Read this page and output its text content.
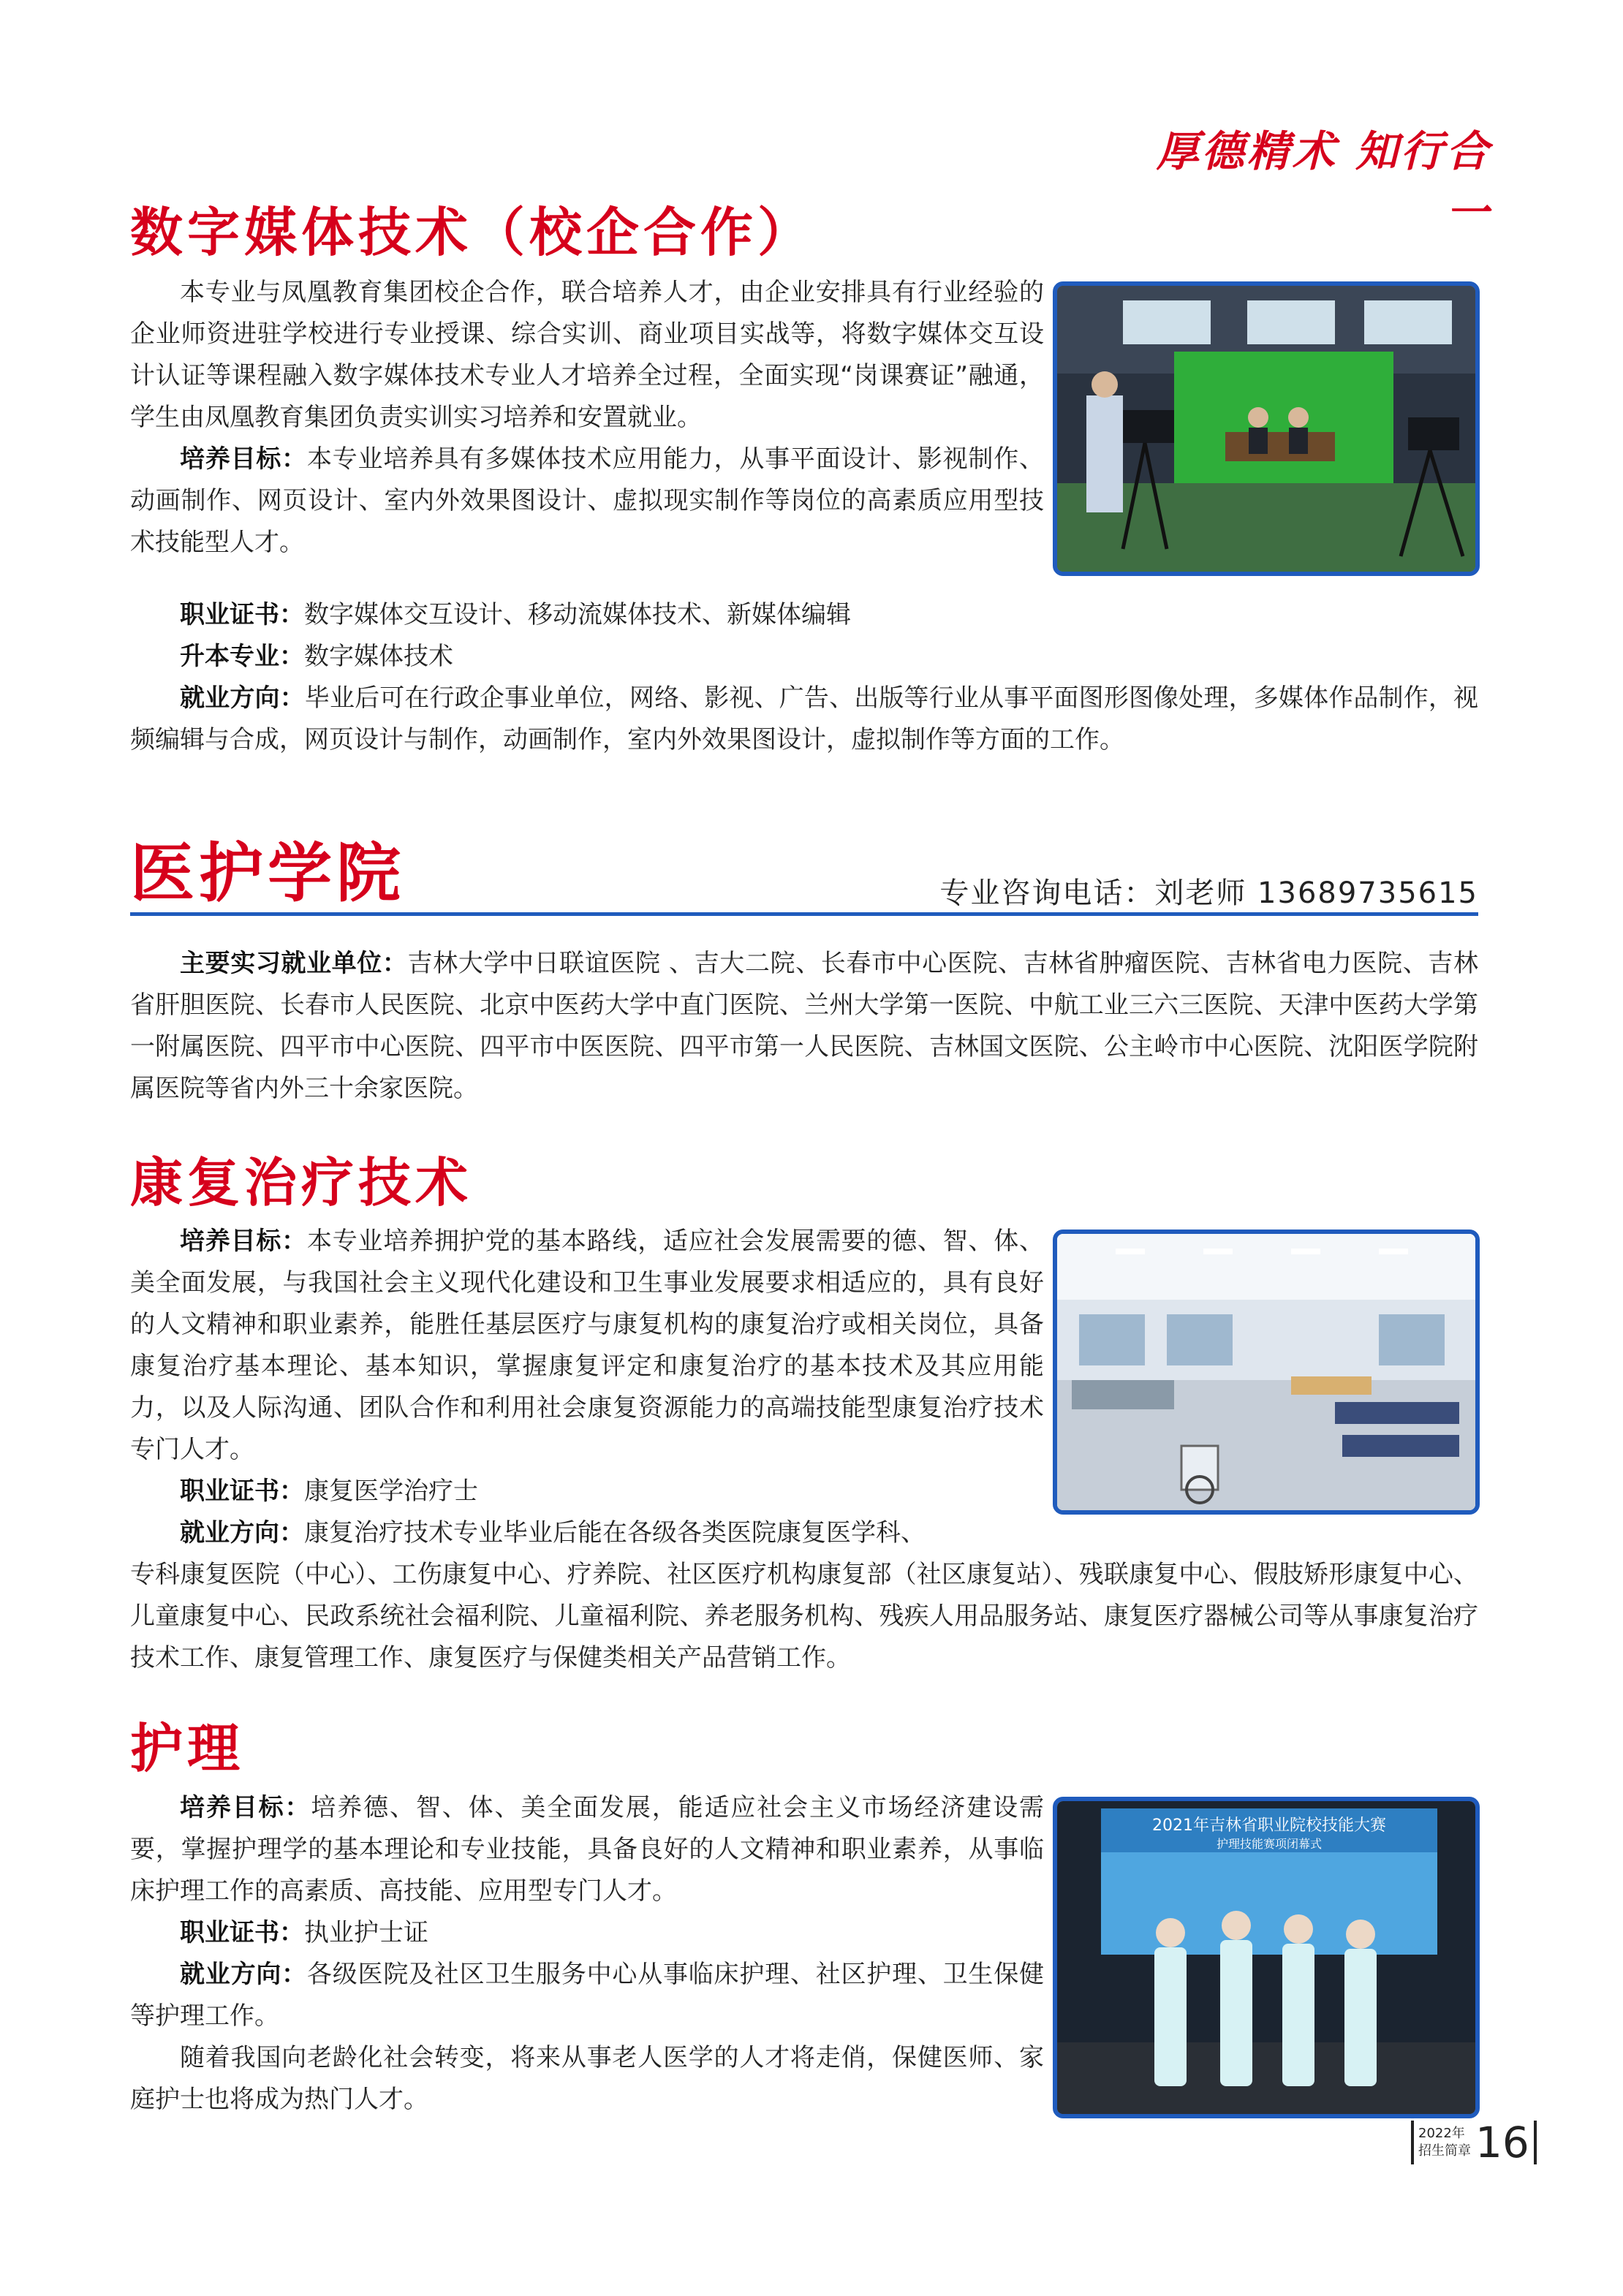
厚德精术 知行合一
数字媒体技术（校企合作）

本专业与凤凰教育集团校企合作，联合培养人才，由企业安排具有行业经验的企业师资进驻学校进行专业授课、综合实训、商业项目实战等，将数字媒体交互设计认证等课程融入数字媒体技术专业人才培养全过程，全面实现“岗课赛证”融通，学生由凤凰教育集团负责实训实习培养和安置就业。

培养目标：本专业培养具有多媒体技术应用能力，从事平面设计、影视制作、动画制作、网页设计、室内外效果图设计、虚拟现实制作等岗位的高素质应用型技术技能型人才。

职业证书：数字媒体交互设计、移动流媒体技术、新媒体编辑

升本专业：数字媒体技术

就业方向：毕业后可在行政企事业单位，网络、影视、广告、出版等行业从事平面图形图像处理，多媒体作品制作，视频编辑与合成，网页设计与制作，动画制作，室内外效果图设计，虚拟制作等方面的工作。

医护学院	专业咨询电话：刘老师 13689735615

主要实习就业单位：吉林大学中日联谊医院 、吉大二院、长春市中心医院、吉林省肿瘤医院、吉林省电力医院、吉林省肝胆医院、长春市人民医院、北京中医药大学中直门医院、兰州大学第一医院、中航工业三六三医院、天津中医药大学第一附属医院、四平市中心医院、四平市中医医院、四平市第一人民医院、吉林国文医院、公主岭市中心医院、沈阳医学院附属医院等省内外三十余家医院。

康复治疗技术

培养目标：本专业培养拥护党的基本路线，适应社会发展需要的德、智、体、美全面发展，与我国社会主义现代化建设和卫生事业发展要求相适应的，具有良好的人文精神和职业素养，能胜任基层医疗与康复机构的康复治疗或相关岗位，具备康复治疗基本理论、基本知识，掌握康复评定和康复治疗的基本技术及其应用能力，以及人际沟通、团队合作和利用社会康复资源能力的高端技能型康复治疗技术专门人才。

职业证书：康复医学治疗士

就业方向：康复治疗技术专业毕业后能在各级各类医院康复医学科、

专科康复医院（中心）、工伤康复中心、疗养院、社区医疗机构康复部（社区康复站）、残联康复中心、假肢矫形康复中心、儿童康复中心、民政系统社会福利院、儿童福利院、养老服务机构、残疾人用品服务站、康复医疗器械公司等从事康复治疗技术工作、康复管理工作、康复医疗与保健类相关产品营销工作。

护理

培养目标：培养德、智、体、美全面发展，能适应社会主义市场经济建设需要，掌握护理学的基本理论和专业技能，具备良好的人文精神和职业素养，从事临床护理工作的高素质、高技能、应用型专门人才。

职业证书：执业护士证

就业方向：各级医院及社区卫生服务中心从事临床护理、社区护理、卫生保健等护理工作。

随着我国向老龄化社会转变，将来从事老人医学的人才将走俏，保健医师、家庭护士也将成为热门人才。

2021年吉林省职业院校技能大赛
护理技能赛项闭幕式
2022年
招生简章 16
